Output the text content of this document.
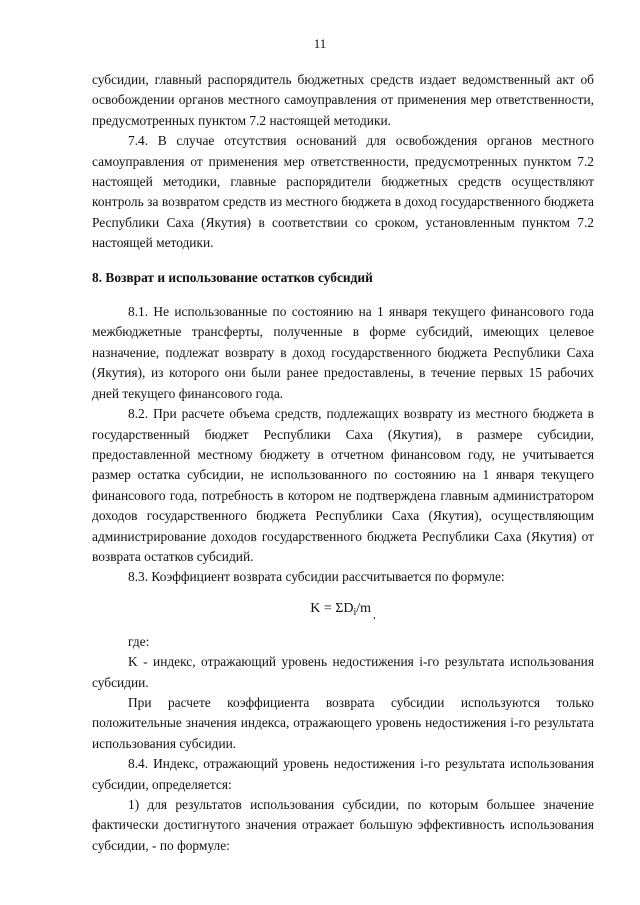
11

субсидии, главный распорядитель бюджетных средств издает ведомственный акт об освобождении органов местного самоуправления от применения мер ответственности, предусмотренных пунктом 7.2 настоящей методики.

7.4. В случае отсутствия оснований для освобождения органов местного самоуправления от применения мер ответственности, предусмотренных пунктом 7.2 настоящей методики, главные распорядители бюджетных средств осуществляют контроль за возвратом средств из местного бюджета в доход государственного бюджета Республики Саха (Якутия) в соответствии со сроком, установленным пунктом 7.2 настоящей методики.

8. Возврат и использование остатков субсидий

8.1. Не использованные по состоянию на 1 января текущего финансового года межбюджетные трансферты, полученные в форме субсидий, имеющих целевое назначение, подлежат возврату в доход государственного бюджета Республики Саха (Якутия), из которого они были ранее предоставлены, в течение первых 15 рабочих дней текущего финансового года.

8.2. При расчете объема средств, подлежащих возврату из местного бюджета в государственный бюджет Республики Саха (Якутия), в размере субсидии, предоставленной местному бюджету в отчетном финансовом году, не учитывается размер остатка субсидии, не использованного по состоянию на 1 января текущего финансового года, потребность в котором не подтверждена главным администратором доходов государственного бюджета Республики Саха (Якутия), осуществляющим администрирование доходов государственного бюджета Республики Саха (Якутия) от возврата остатков субсидий.

8.3. Коэффициент возврата субсидии рассчитывается по формуле:

$K = \Sigma D_i/m$ $_,$

где:

K - индекс, отражающий уровень недостижения i-го результата использования субсидии.

При расчете коэффициента возврата субсидии используются только положительные значения индекса, отражающего уровень недостижения i-го результата использования субсидии.

8.4. Индекс, отражающий уровень недостижения i-го результата использования субсидии, определяется:

1) для результатов использования субсидии, по которым большее значение фактически достигнутого значения отражает большую эффективность использования субсидии, - по формуле:
